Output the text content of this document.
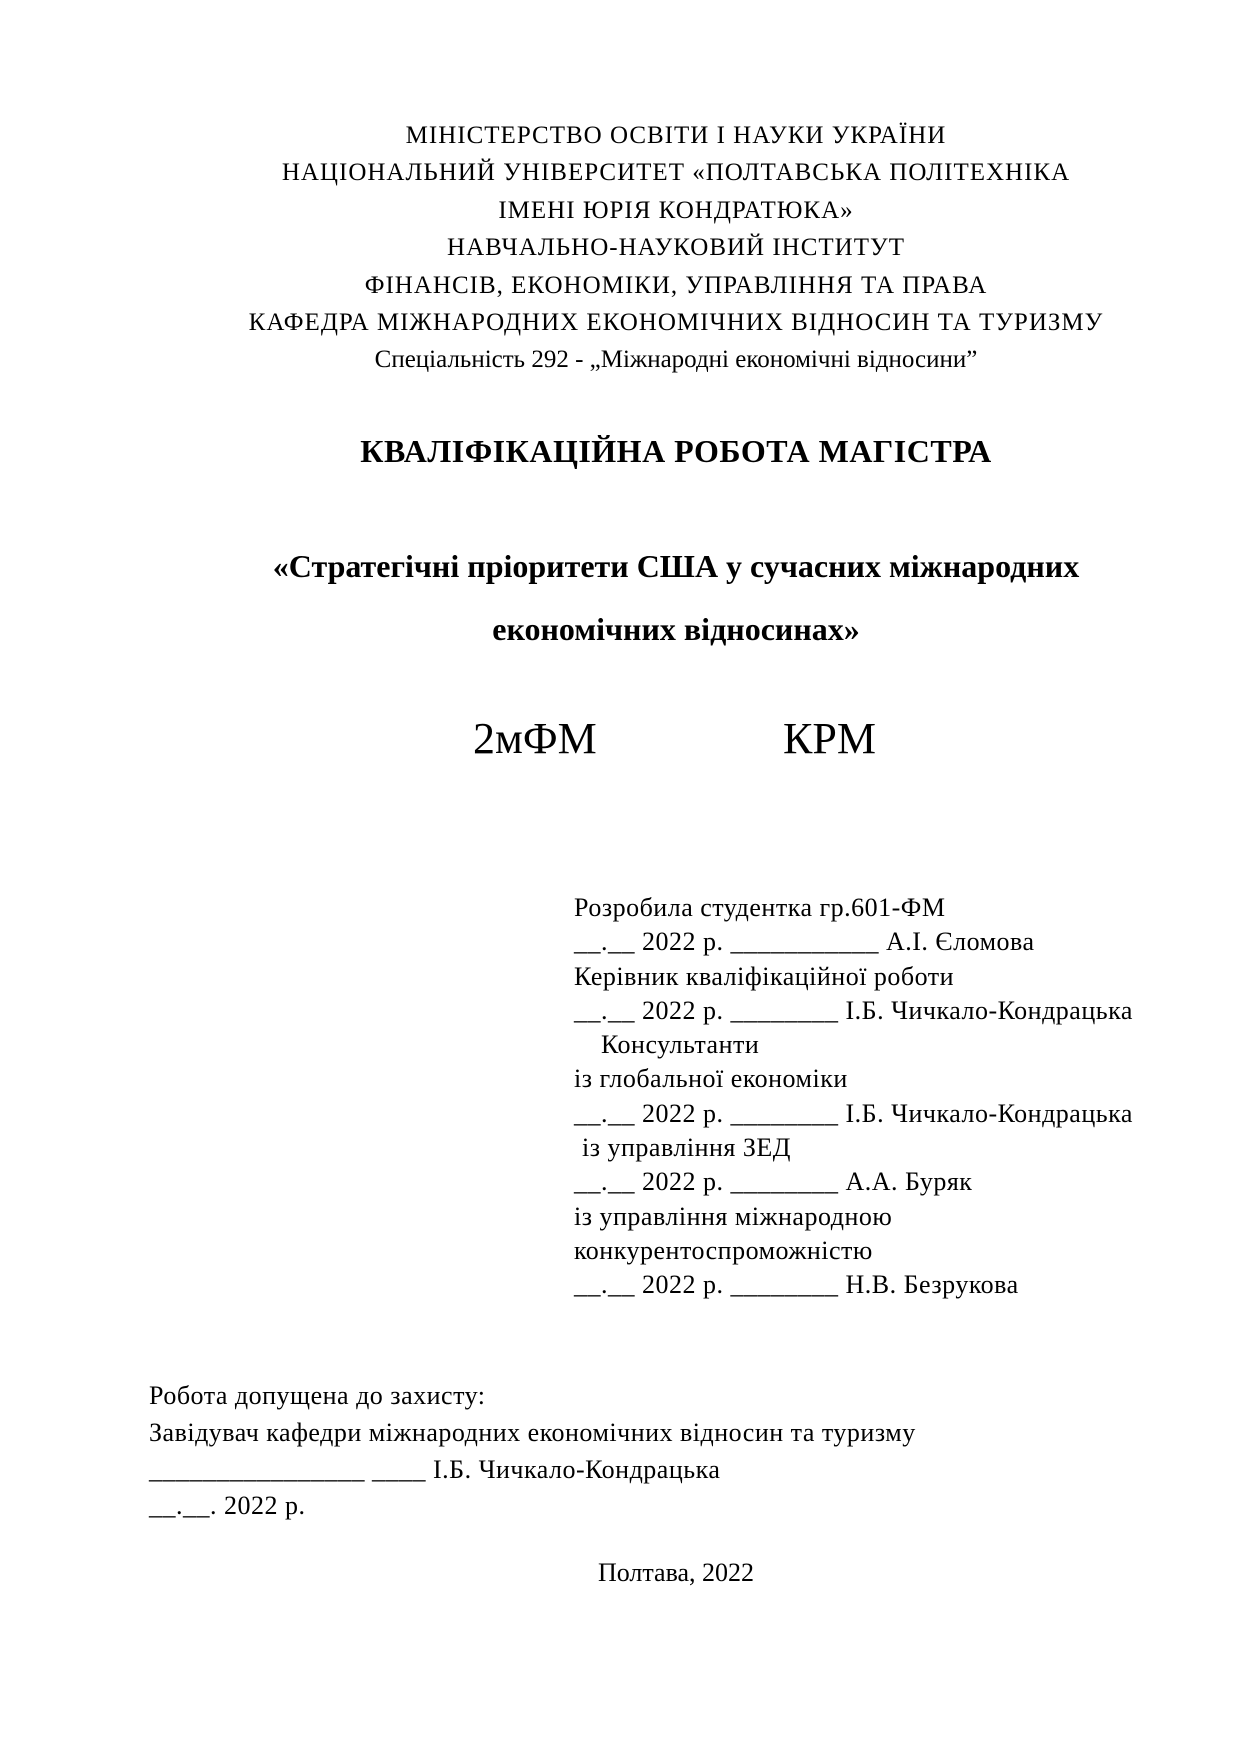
МІНІСТЕРСТВО ОСВІТИ І НАУКИ УКРАЇНИ
НАЦІОНАЛЬНИЙ УНІВЕРСИТЕТ «ПОЛТАВСЬКА ПОЛІТЕХНІКА
ІМЕНІ ЮРІЯ КОНДРАТЮКА»
НАВЧАЛЬНО-НАУКОВИЙ ІНСТИТУТ
ФІНАНСІВ, ЕКОНОМІКИ, УПРАВЛІННЯ ТА ПРАВА
КАФЕДРА МІЖНАРОДНИХ ЕКОНОМІЧНИХ ВІДНОСИН ТА ТУРИЗМУ
Спеціальність 292 - „Міжнародні економічні відносини”
КВАЛІФІКАЦІЙНА РОБОТА МАГІСТРА
«Стратегічні пріоритети США у сучасних міжнародних
економічних відносинах»
2мФМ	КРМ
Розробила студентка гр.601-ФМ
__.__ 2022 р. ___________ А.І. Єломова
Керівник кваліфікаційної роботи
__.__ 2022 р. ________ І.Б. Чичкало-Кондрацька
Консультанти
із глобальної економіки
__.__ 2022 р. ________ І.Б. Чичкало-Кондрацька
із управління ЗЕД
__.__ 2022 р. ________ А.А. Буряк
із управління міжнародною
конкурентоспроможністю
__.__ 2022 р. ________ Н.В. Безрукова
Робота допущена до захисту:
Завідувач кафедри міжнародних економічних відносин та туризму
________________ ____ І.Б. Чичкало-Кондрацька
__.__. 2022 р.
Полтава, 2022
